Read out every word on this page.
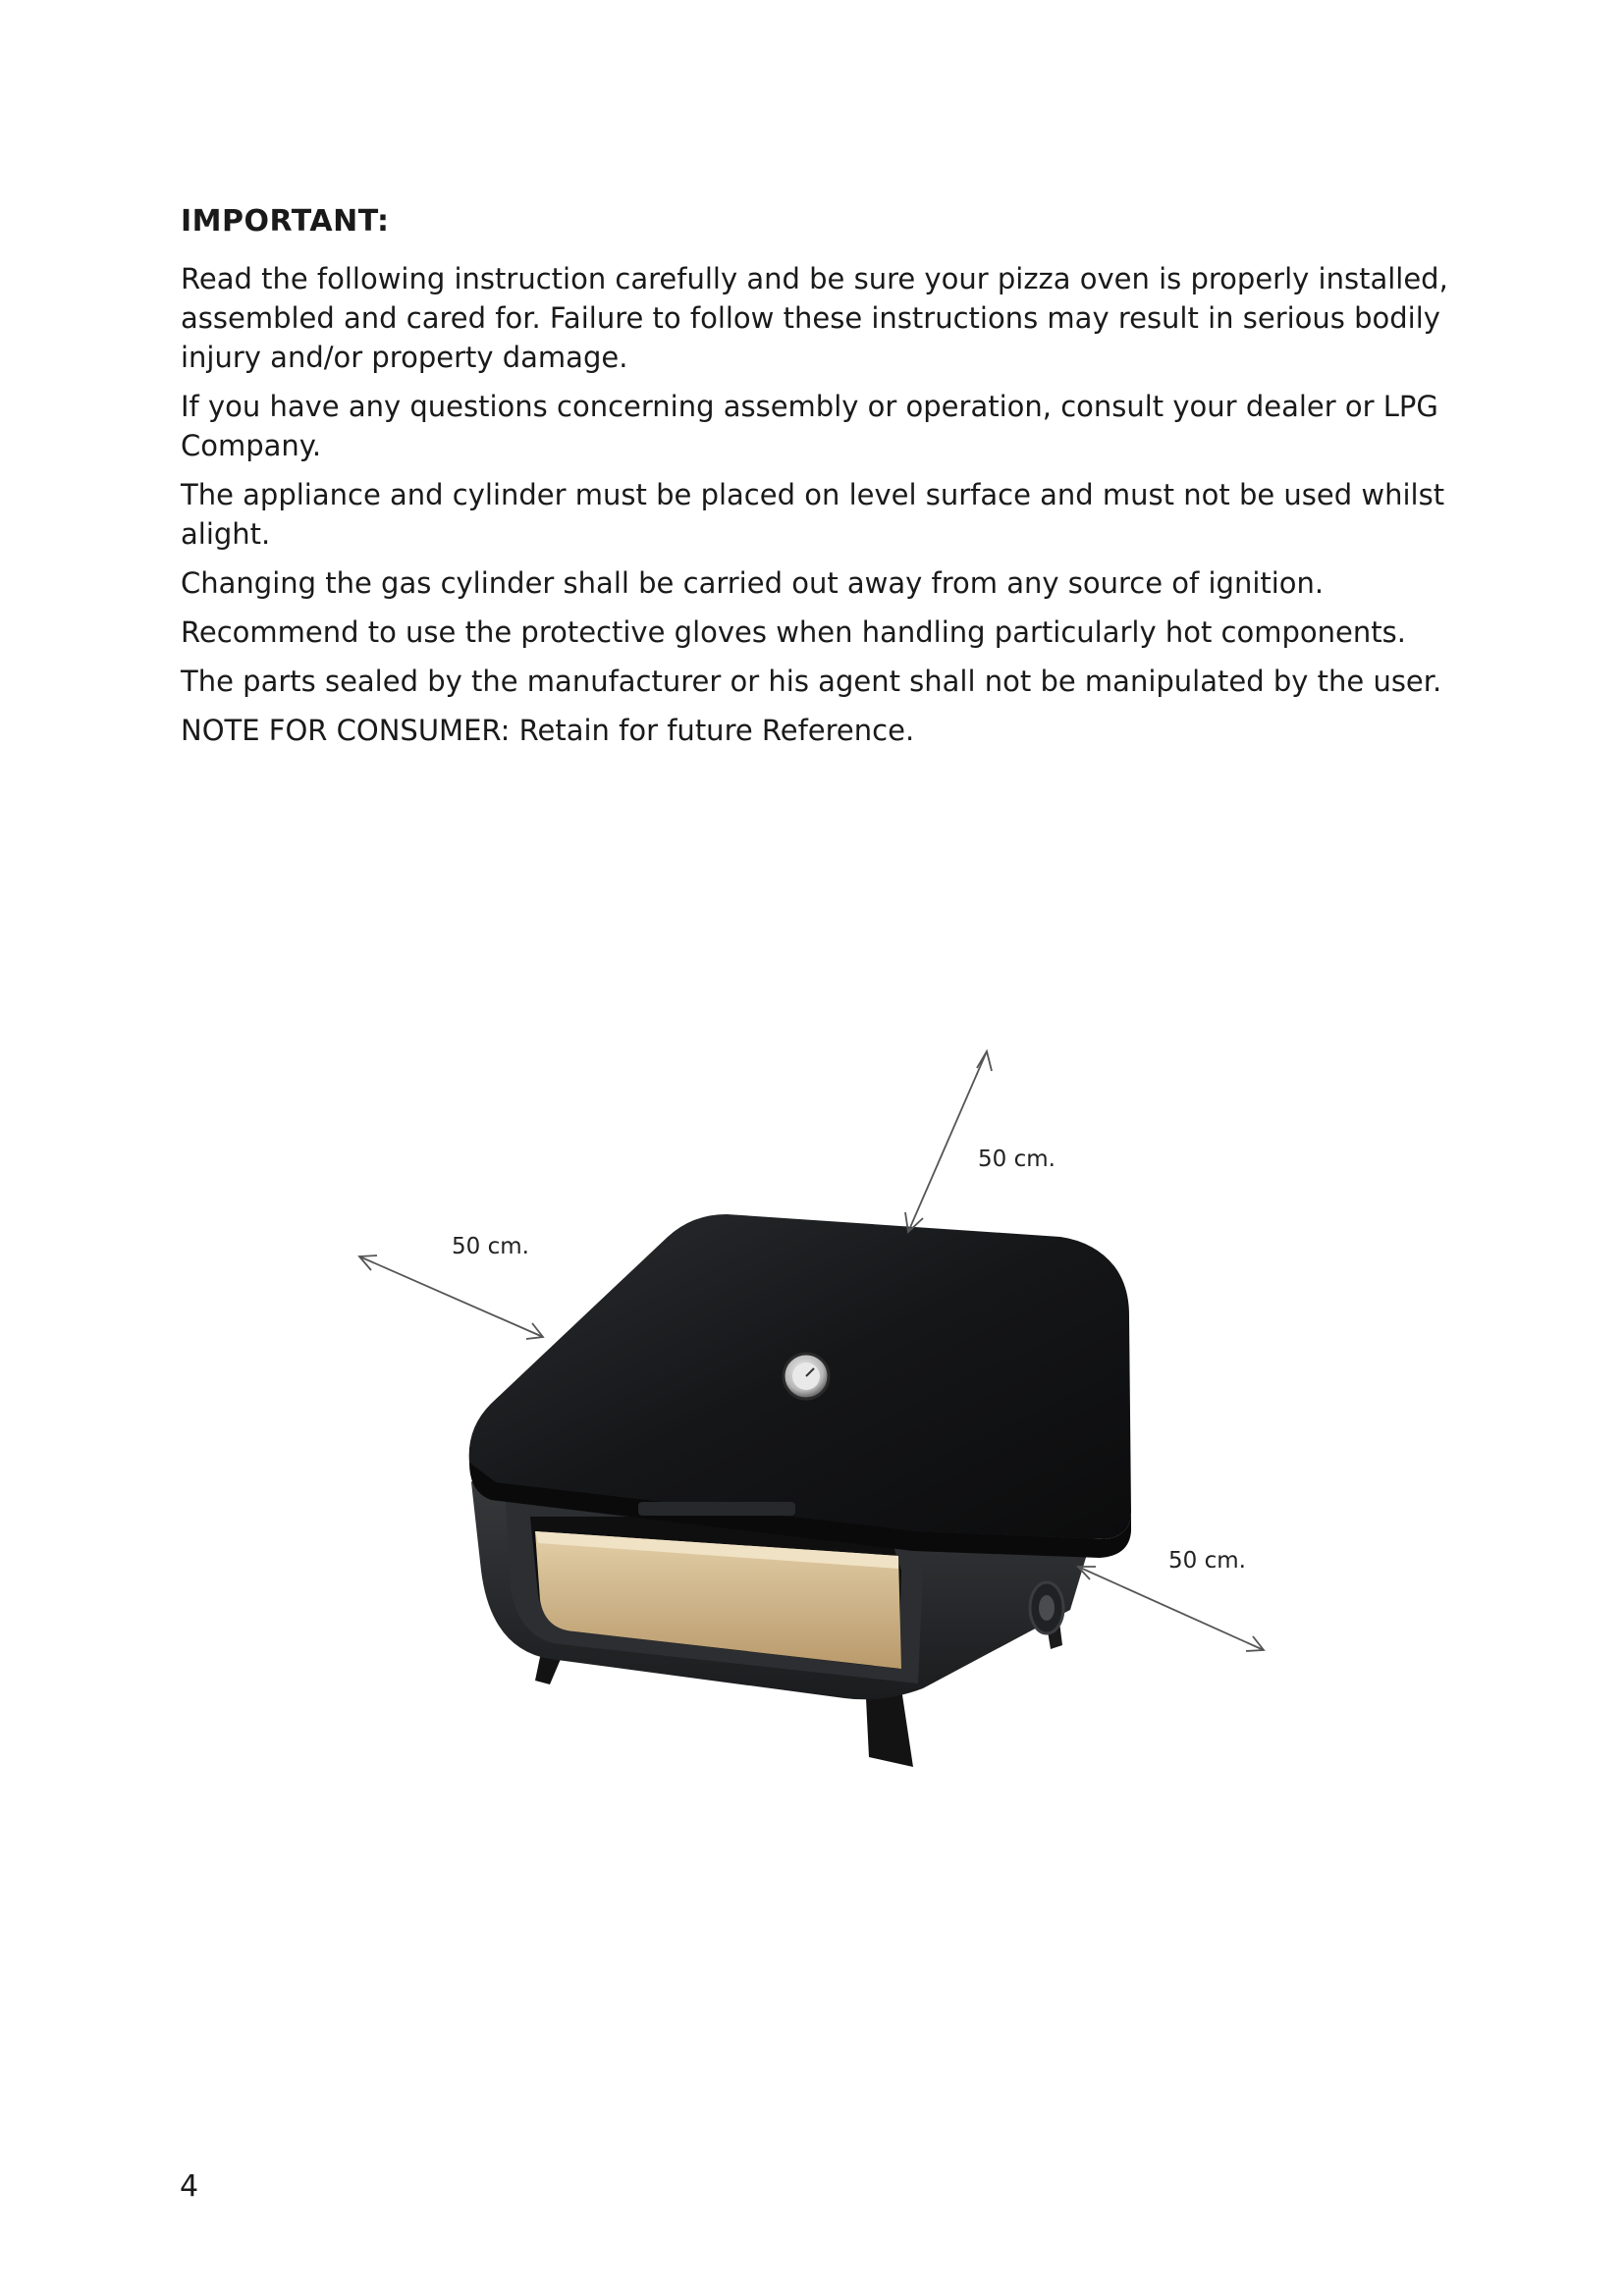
IMPORTANT:

Read the following instruction carefully and be sure your pizza oven is properly installed, assembled and cared for. Failure to follow these instructions may result in serious bodily injury and/or property damage.

If you have any questions concerning assembly or operation, consult your dealer or LPG Company.

The appliance and cylinder must be placed on level surface and must not be used whilst alight.

Changing the gas cylinder shall be carried out away from any source of ignition.

Recommend to use the protective gloves when handling particularly hot components.

The parts sealed by the manufacturer or his agent shall not be manipulated by the user.

NOTE FOR CONSUMER: Retain for future Reference.

50 cm.
50 cm.
50 cm.
4
